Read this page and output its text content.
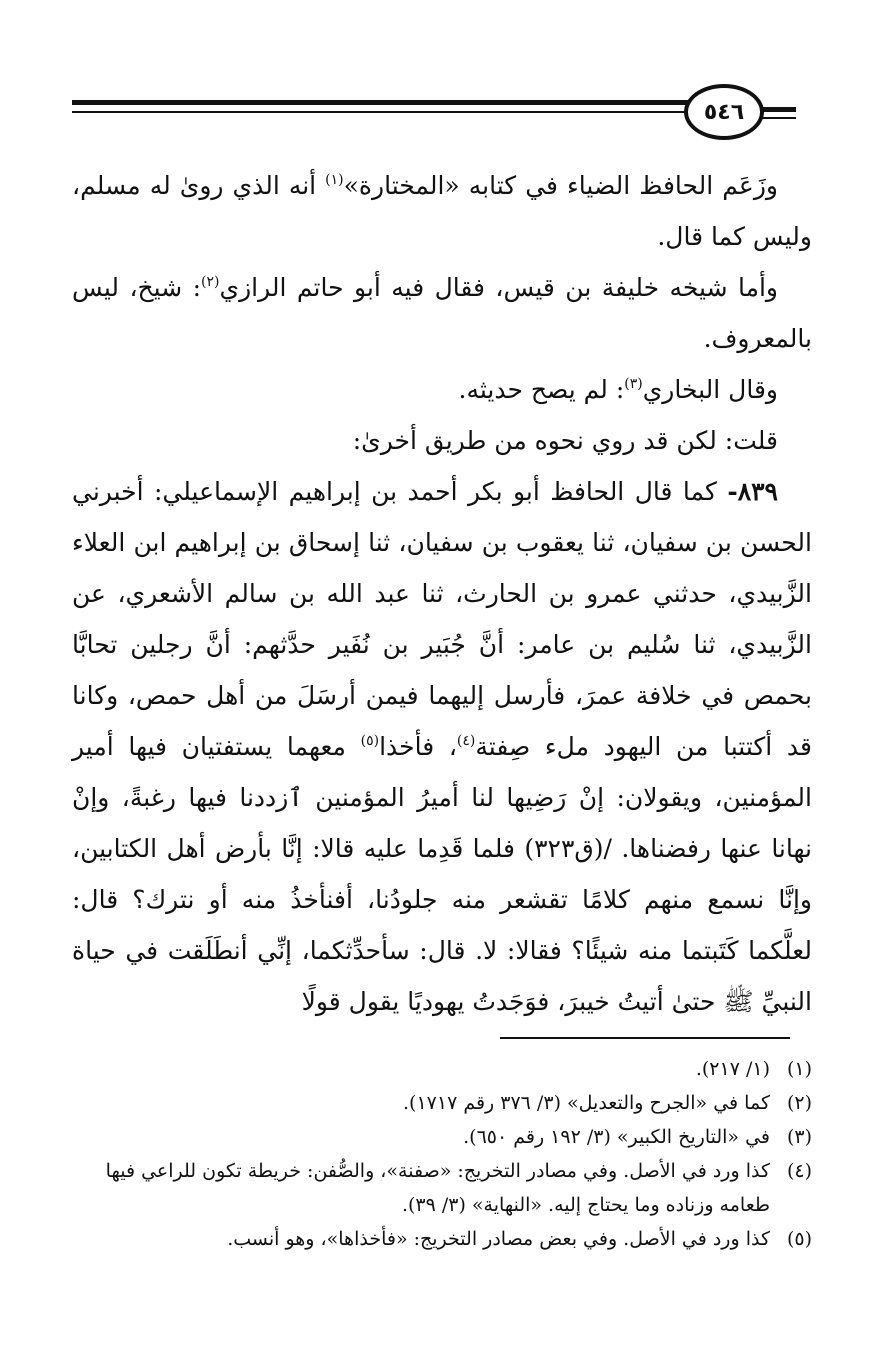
٥٤٦

وزَعَم الحافظ الضياء في كتابه «المختارة»$^{(١)}$ أنه الذي روىٰ له مسلم، وليس كما قال.

وأما شيخه خليفة بن قيس، فقال فيه أبو حاتم الرازي$^{(٢)}$: شيخ، ليس بالمعروف.

وقال البخاري$^{(٣)}$: لم يصح حديثه.

قلت: لكن قد روي نحوه من طريق أخرىٰ:

٨٣٩- كما قال الحافظ أبو بكر أحمد بن إبراهيم الإسماعيلي: أخبرني الحسن بن سفيان، ثنا يعقوب بن سفيان، ثنا إسحاق بن إبراهيم ابن العلاء الزَّبيدي، حدثني عمرو بن الحارث، ثنا عبد الله بن سالم الأشعري، عن الزَّبيدي، ثنا سُليم بن عامر: أنَّ جُبَير بن نُفَير حدَّثهم: أنَّ رجلين تحابَّا بحمص في خلافة عمرَ، فأرسل إليهما فيمن أرسَلَ من أهل حمص، وكانا قد أكتتبا من اليهود ملء صِفتة$^{(٤)}$، فأخذا$^{(٥)}$ معهما يستفتيان فيها أمير المؤمنين، ويقولان: إنْ رَضِيها لنا أميرُ المؤمنين ٱزددنا فيها رغبةً، وإنْ نهانا عنها رفضناها. /(ق٣٢٣) فلما قَدِما عليه قالا: إنَّا بأرض أهل الكتابين، وإنَّا نسمع منهم كلامًا تقشعر منه جلودُنا، أفنأخذُ منه أو نترك؟ قال: لعلَّكما كَتَبتما منه شيئًا؟ فقالا: لا. قال: سأحدِّثكما، إنِّي أنطَلَقت في حياة النبيِّ ﷺ حتىٰ أتيتُ خيبرَ، فوَجَدتُ يهوديًا يقول قولًا

(١)
(١/ ٢١٧).
(٢)
كما في «الجرح والتعديل» (٣/ ٣٧٦ رقم ١٧١٧).
(٣)
في «التاريخ الكبير» (٣/ ١٩٢ رقم ٦٥٠).
(٤)
كذا ورد في الأصل. وفي مصادر التخريج: «صفنة»، والصُّفن: خريطة تكون للراعي فيها طعامه وزناده وما يحتاج إليه. «النهاية» (٣/ ٣٩).
(٥)
كذا ورد في الأصل. وفي بعض مصادر التخريج: «فأخذاها»، وهو أنسب.
